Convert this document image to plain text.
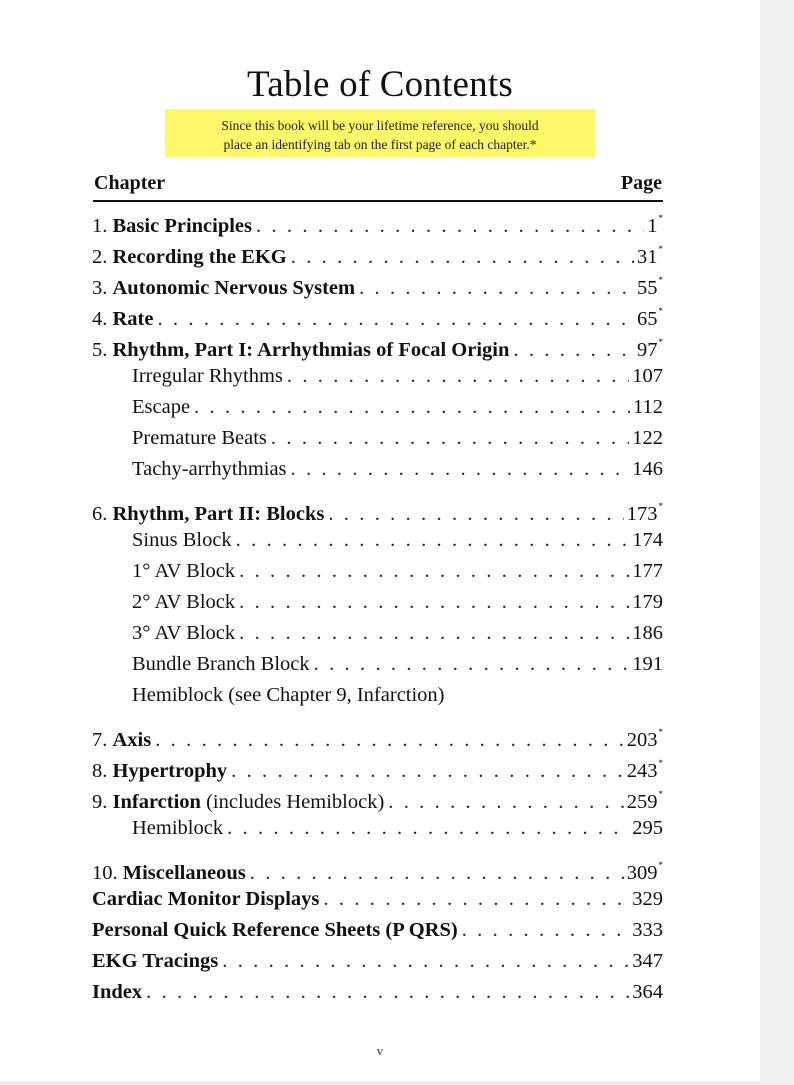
Table of Contents
Since this book will be your lifetime reference, you should
place an identifying tab on the first page of each chapter.*
Chapter	Page
1. Basic Principles . . .	1*
2. Recording the EKG . . .	31*
3. Autonomic Nervous System . . .	55*
4. Rate . . .	65*
5. Rhythm, Part I: Arrhythmias of Focal Origin . . .	97*
Irregular Rhythms . . .	107
Escape . . .	112
Premature Beats . . .	122
Tachy-arrhythmias . . .	146
6. Rhythm, Part II: Blocks . . .	173*
Sinus Block . . .	174
1° AV Block . . .	177
2° AV Block . . .	179
3° AV Block . . .	186
Bundle Branch Block . . .	191
Hemiblock (see Chapter 9, Infarction)
7. Axis . . .	203*
8. Hypertrophy . . .	243*
9. Infarction (includes Hemiblock) . . .	259*
Hemiblock . . .	295
10. Miscellaneous . . .	309*
Cardiac Monitor Displays . . .	329
Personal Quick Reference Sheets (P QRS) . . .	333
EKG Tracings . . .	347
Index . . .	364
v
